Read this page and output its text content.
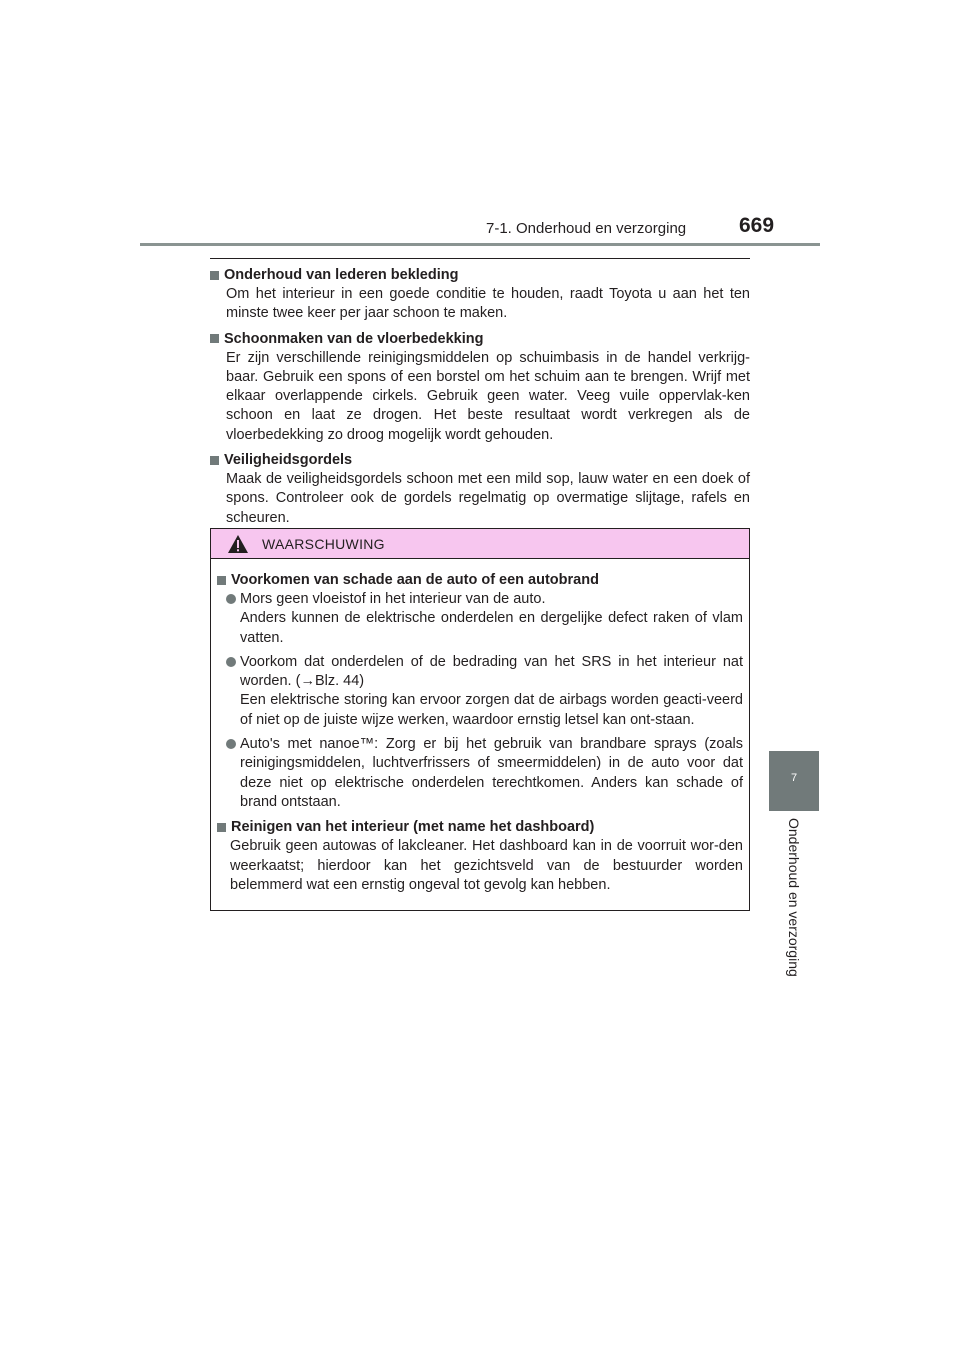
7-1. Onderhoud en verzorging	669
7
Onderhoud en verzorging
Onderhoud van lederen bekleding
Om het interieur in een goede conditie te houden, raadt Toyota u aan het ten minste twee keer per jaar schoon te maken.
Schoonmaken van de vloerbedekking
Er zijn verschillende reinigingsmiddelen op schuimbasis in de handel verkrijg-baar. Gebruik een spons of een borstel om het schuim aan te brengen. Wrijf met elkaar overlappende cirkels. Gebruik geen water. Veeg vuile oppervlak-ken schoon en laat ze drogen. Het beste resultaat wordt verkregen als de vloerbedekking zo droog mogelijk wordt gehouden.
Veiligheidsgordels
Maak de veiligheidsgordels schoon met een mild sop, lauw water en een doek of spons. Controleer ook de gordels regelmatig op overmatige slijtage, rafels en scheuren.
WAARSCHUWING
Voorkomen van schade aan de auto of een autobrand
Mors geen vloeistof in het interieur van de auto.
Anders kunnen de elektrische onderdelen en dergelijke defect raken of vlam vatten.
Voorkom dat onderdelen of de bedrading van het SRS in het interieur nat worden. (→Blz. 44)
Een elektrische storing kan ervoor zorgen dat de airbags worden geacti-veerd of niet op de juiste wijze werken, waardoor ernstig letsel kan ont-staan.
Auto's met nanoe™: Zorg er bij het gebruik van brandbare sprays (zoals reinigingsmiddelen, luchtverfrissers of smeermiddelen) in de auto voor dat deze niet op elektrische onderdelen terechtkomen. Anders kan schade of brand ontstaan.
Reinigen van het interieur (met name het dashboard)
Gebruik geen autowas of lakcleaner. Het dashboard kan in de voorruit wor-den weerkaatst; hierdoor kan het gezichtsveld van de bestuurder worden belemmerd wat een ernstig ongeval tot gevolg kan hebben.
